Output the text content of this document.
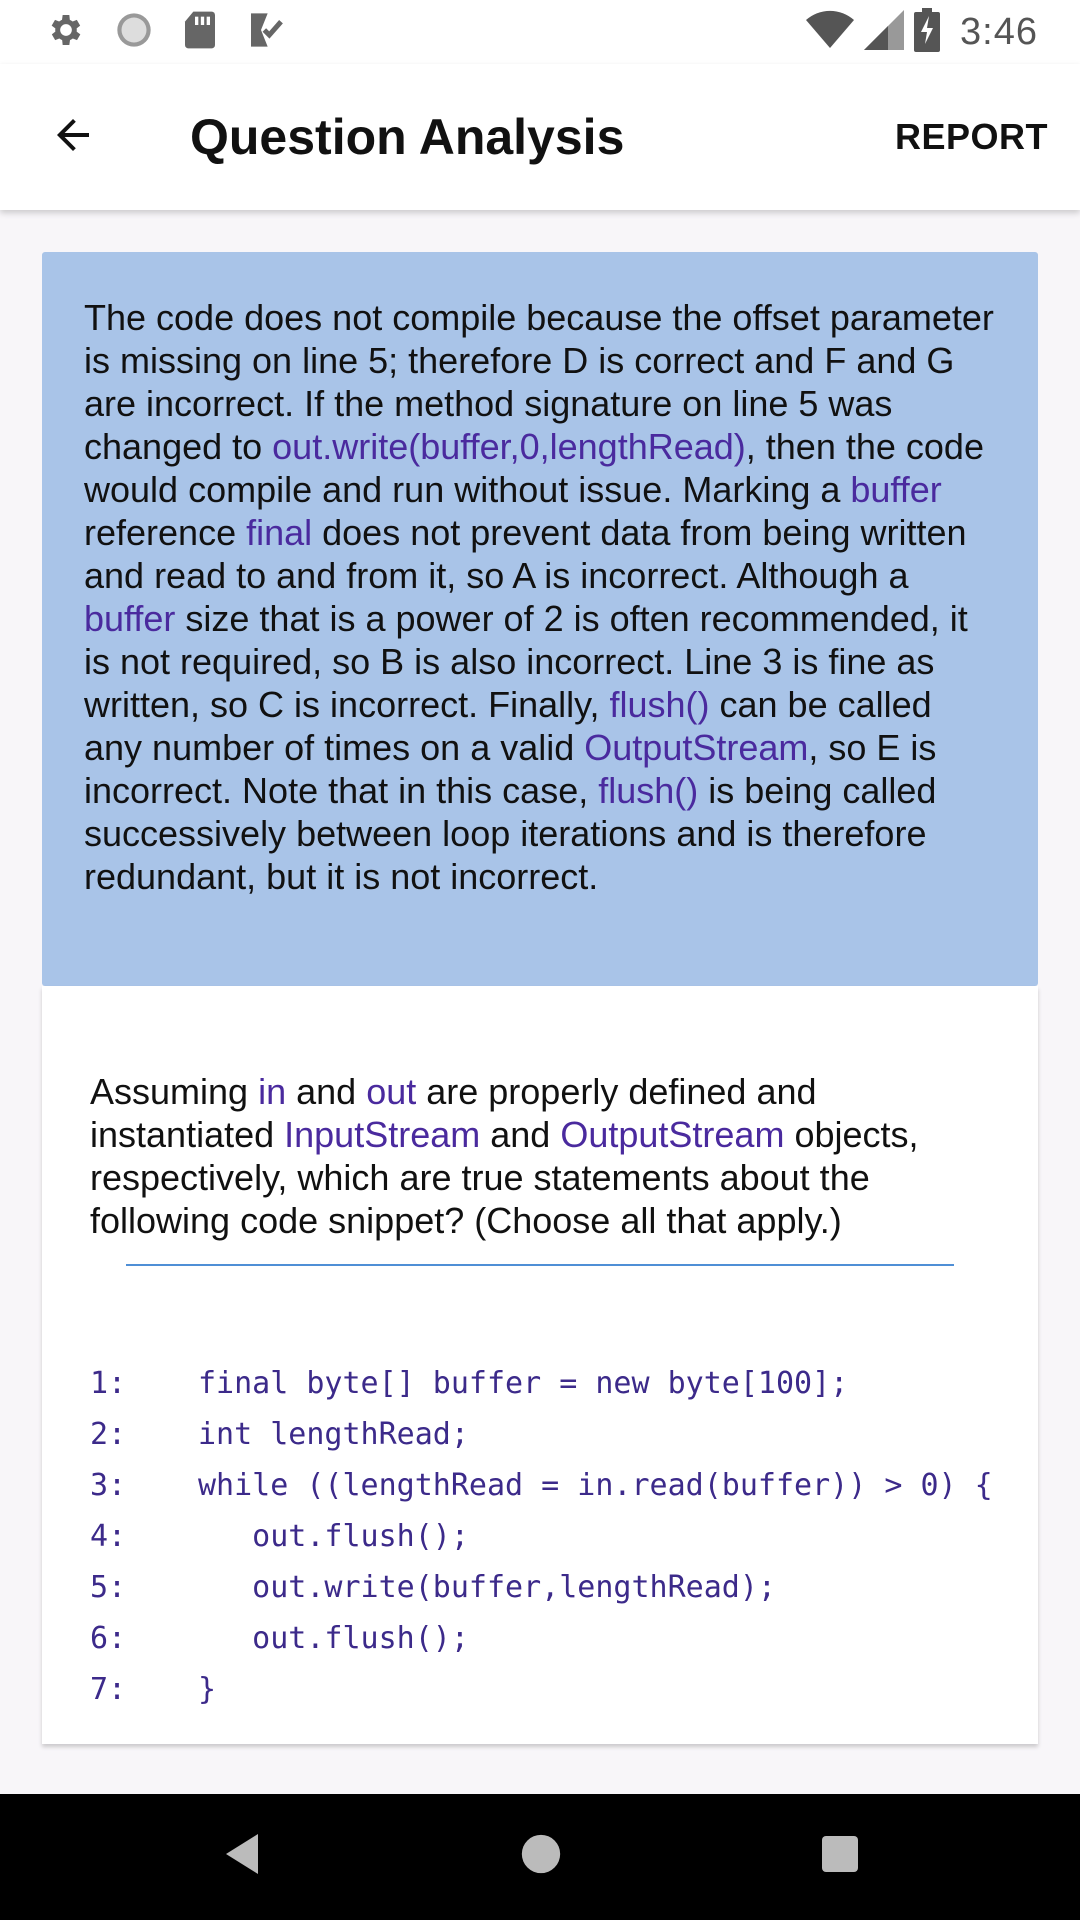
3:46
Question Analysis	REPORT

The code does not compile because the offset parameter is missing on line 5; therefore D is correct and F and G are incorrect. If the method signature on line 5 was changed to out.write(buffer,0,lengthRead), then the code would compile and run without issue. Marking a buffer reference final does not prevent data from being written and read to and from it, so A is incorrect. Although a buffer size that is a power of 2 is often recommended, it is not required, so B is also incorrect. Line 3 is fine as written, so C is incorrect. Finally, flush() can be called any number of times on a valid OutputStream, so E is incorrect. Note that in this case, flush() is being called successively between loop iterations and is therefore redundant, but it is not incorrect.

Assuming in and out are properly defined and instantiated InputStream and OutputStream objects, respectively, which are true statements about the following code snippet? (Choose all that apply.)

1:	final byte[] buffer = new byte[100];
2:	int lengthRead;
3:	while ((lengthRead = in.read(buffer)) > 0) {
4:	out.flush();
5:	out.write(buffer,lengthRead);
6:	out.flush();
7:	}
